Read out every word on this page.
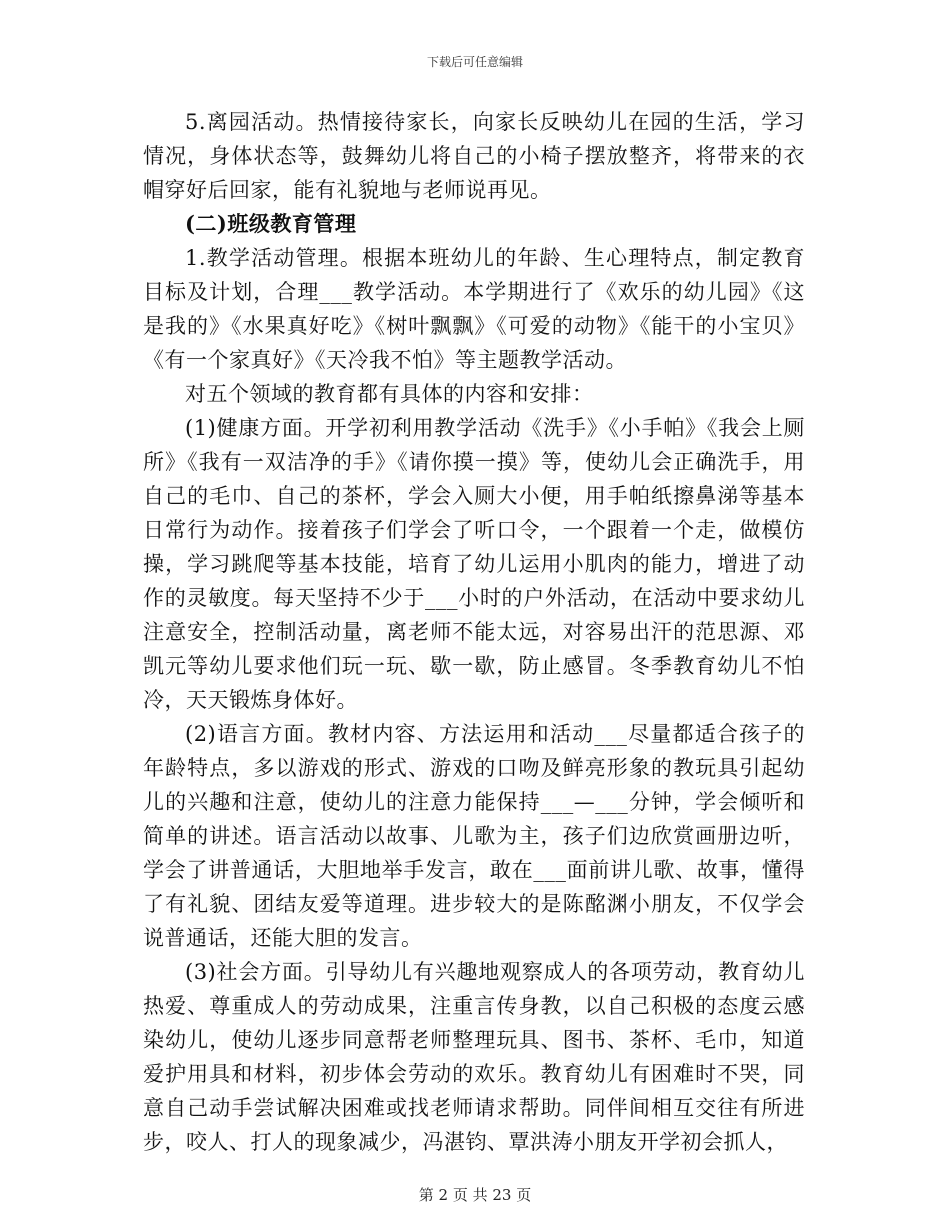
下载后可任意编辑

5.离园活动。热情接待家长，向家长反映幼儿在园的生活，学习情况，身体状态等，鼓舞幼儿将自己的小椅子摆放整齐，将带来的衣帽穿好后回家，能有礼貌地与老师说再见。

(二)班级教育管理

1.教学活动管理。根据本班幼儿的年龄、生心理特点，制定教育目标及计划，合理___教学活动。本学期进行了《欢乐的幼儿园》《这是我的》《水果真好吃》《树叶飘飘》《可爱的动物》《能干的小宝贝》《有一个家真好》《天冷我不怕》等主题教学活动。

对五个领域的教育都有具体的内容和安排：

(1)健康方面。开学初利用教学活动《洗手》《小手帕》《我会上厕所》《我有一双洁净的手》《请你摸一摸》等，使幼儿会正确洗手，用自己的毛巾、自己的茶杯，学会入厕大小便，用手帕纸擦鼻涕等基本日常行为动作。接着孩子们学会了听口令，一个跟着一个走，做模仿操，学习跳爬等基本技能，培育了幼儿运用小肌肉的能力，增进了动作的灵敏度。每天坚持不少于___小时的户外活动，在活动中要求幼儿注意安全，控制活动量，离老师不能太远，对容易出汗的范思源、邓凯元等幼儿要求他们玩一玩、歇一歇，防止感冒。冬季教育幼儿不怕冷，天天锻炼身体好。

(2)语言方面。教材内容、方法运用和活动___尽量都适合孩子的年龄特点，多以游戏的形式、游戏的口吻及鲜亮形象的教玩具引起幼儿的兴趣和注意，使幼儿的注意力能保持___—___分钟，学会倾听和简单的讲述。语言活动以故事、儿歌为主，孩子们边欣赏画册边听，学会了讲普通话，大胆地举手发言，敢在___面前讲儿歌、故事，懂得了有礼貌、团结友爱等道理。进步较大的是陈酩渊小朋友，不仅学会说普通话，还能大胆的发言。

(3)社会方面。引导幼儿有兴趣地观察成人的各项劳动，教育幼儿热爱、尊重成人的劳动成果，注重言传身教，以自己积极的态度云感染幼儿，使幼儿逐步同意帮老师整理玩具、图书、茶杯、毛巾，知道爱护用具和材料，初步体会劳动的欢乐。教育幼儿有困难时不哭，同意自己动手尝试解决困难或找老师请求帮助。同伴间相互交往有所进步，咬人、打人的现象减少，冯湛钧、覃洪涛小朋友开学初会抓人，

第 2 页 共 23 页
